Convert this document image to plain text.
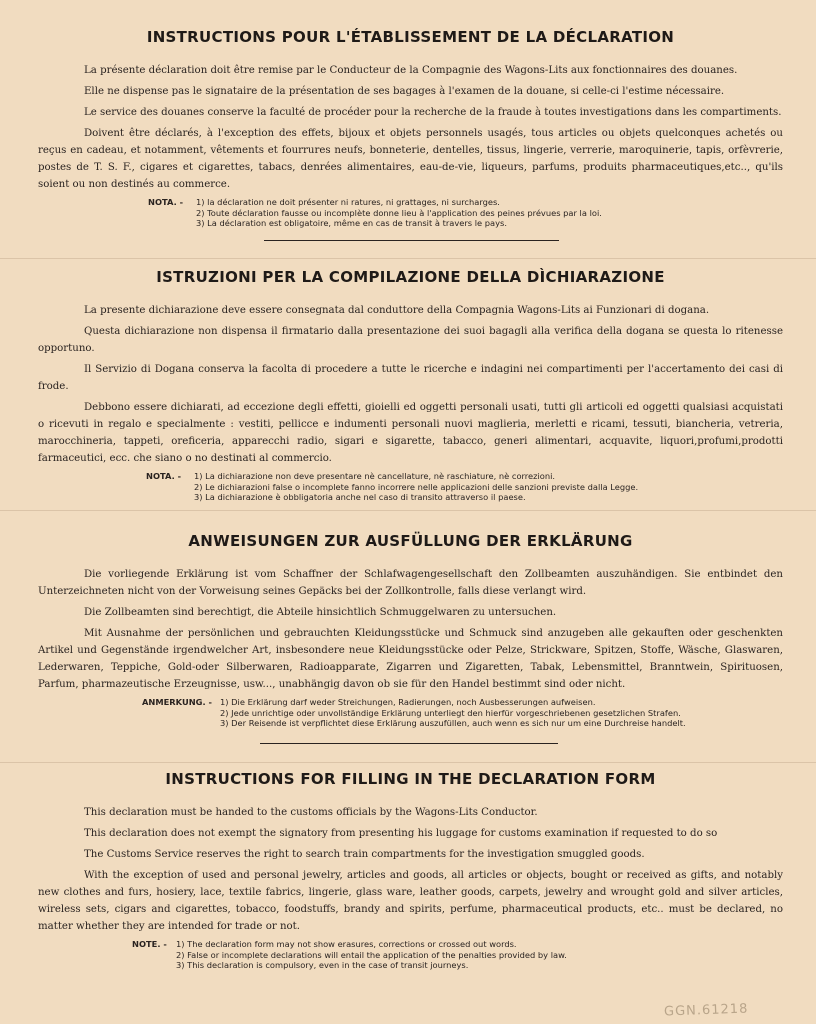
INSTRUCTIONS POUR L'ÉTABLISSEMENT DE LA DÉCLARATION

La présente déclaration doit être remise par le Conducteur de la Compagnie des Wagons-Lits aux fonctionnaires des douanes.

Elle ne dispense pas le signataire de la présentation de ses bagages à l'examen de la douane, si celle-ci l'estime nécessaire.

Le service des douanes conserve la faculté de procéder pour la recherche de la fraude à toutes investigations dans les compartiments.

Doivent être déclarés, à l'exception des effets, bijoux et objets personnels usagés, tous articles ou objets quelconques achetés ou reçus en cadeau, et notamment, vêtements et fourrures neufs, bonneterie, dentelles, tissus, lingerie, verrerie, maroquinerie, tapis, orfèvrerie, postes de T. S. F., cigares et cigarettes, tabacs, denrées alimentaires, eau-de-vie, liqueurs, parfums, produits pharmaceutiques,etc.., qu'ils soient ou non destinés au commerce.

NOTA. -	1) la déclaration ne doit présenter ni ratures, ni grattages, ni surcharges.
2) Toute déclaration fausse ou incomplète donne lieu à l'application des peines prévues par la loi.
3) La déclaration est obligatoire, même en cas de transit à travers le pays.
ISTRUZIONI PER LA COMPILAZIONE DELLA DÌCHIARAZIONE

La presente dichiarazione deve essere consegnata dal conduttore della Compagnia Wagons-Lits ai Funzionari di dogana.

Questa dichiarazione non dispensa il firmatario dalla presentazione dei suoi bagagli alla verifica della dogana se questa lo ritenesse opportuno.

Il Servizio di Dogana conserva la facolta di procedere a tutte le ricerche e indagini nei compartimenti per l'accertamento dei casi di frode.

Debbono essere dichiarati, ad eccezione degli effetti, gioielli ed oggetti personali usati, tutti gli articoli ed oggetti qualsiasi acquistati o ricevuti in regalo e specialmente : vestiti, pellicce e indumenti personali nuovi maglieria, merletti e ricami, tessuti, biancheria, vetreria, marocchineria, tappeti, oreficeria, apparecchi radio, sigari e sigarette, tabacco, generi alimentari, acquavite, liquori,profumi,prodotti farmaceutici, ecc. che siano o no destinati al commercio.

NOTA. -	1) La dichiarazione non deve presentare nè cancellature, nè raschiature, nè correzioni.
2) Le dichiarazioni false o incomplete fanno incorrere nelle applicazioni delle sanzioni previste dalla Legge.
3) La dichiarazione è obbligatoria anche nel caso di transito attraverso il paese.
ANWEISUNGEN ZUR AUSFÜLLUNG DER ERKLÄRUNG

Die vorliegende Erklärung ist vom Schaffner der Schlafwagengesellschaft den Zollbeamten auszuhändigen. Sie entbindet den Unterzeichneten nicht von der Vorweisung seines Gepäcks bei der Zollkontrolle, falls diese verlangt wird.

Die Zollbeamten sind berechtigt, die Abteile hinsichtlich Schmuggelwaren zu untersuchen.

Mit Ausnahme der persönlichen und gebrauchten Kleidungsstücke und Schmuck sind anzugeben alle gekauften oder geschenkten Artikel und Gegenstände irgendwelcher Art, insbesondere neue Kleidungsstücke oder Pelze, Strickware, Spitzen, Stoffe, Wäsche, Glaswaren, Lederwaren, Teppiche, Gold-oder Silberwaren, Radioapparate, Zigarren und Zigaretten, Tabak, Lebensmittel, Branntwein, Spirituosen, Parfum, pharmazeutische Erzeugnisse, usw..., unabhängig davon ob sie für den Handel bestimmt sind oder nicht.

ANMERKUNG. - 1) Die Erklärung darf weder Streichungen, Radierungen, noch Ausbesserungen aufweisen.
2) Jede unrichtige oder unvollständige Erklärung unterliegt den hierfür vorgeschriebenen gesetzlichen Strafen.
3) Der Reisende ist verpflichtet diese Erklärung auszufüllen, auch wenn es sich nur um eine Durchreise handelt.
INSTRUCTIONS FOR FILLING IN THE DECLARATION FORM

This declaration must be handed to the customs officials by the Wagons-Lits Conductor.

This declaration does not exempt the signatory from presenting his luggage for customs examination if requested to do so

The Customs Service reserves the right to search train compartments for the investigation smuggled goods.

With the exception of used and personal jewelry, articles and goods, all articles or objects, bought or received as gifts, and notably new clothes and furs, hosiery, lace, textile fabrics, lingerie, glass ware, leather goods, carpets, jewelry and wrought gold and silver articles, wireless sets, cigars and cigarettes, tobacco, foodstuffs, brandy and spirits, perfume, pharmaceutical products, etc.. must be declared, no matter whether they are intended for trade or not.

NOTE. -	1) The declaration form may not show erasures, corrections or crossed out words.
2) False or incomplete declarations will entail the application of the penalties provided by law.
3) This declaration is compulsory, even in the case of transit journeys.
GGN.61218
